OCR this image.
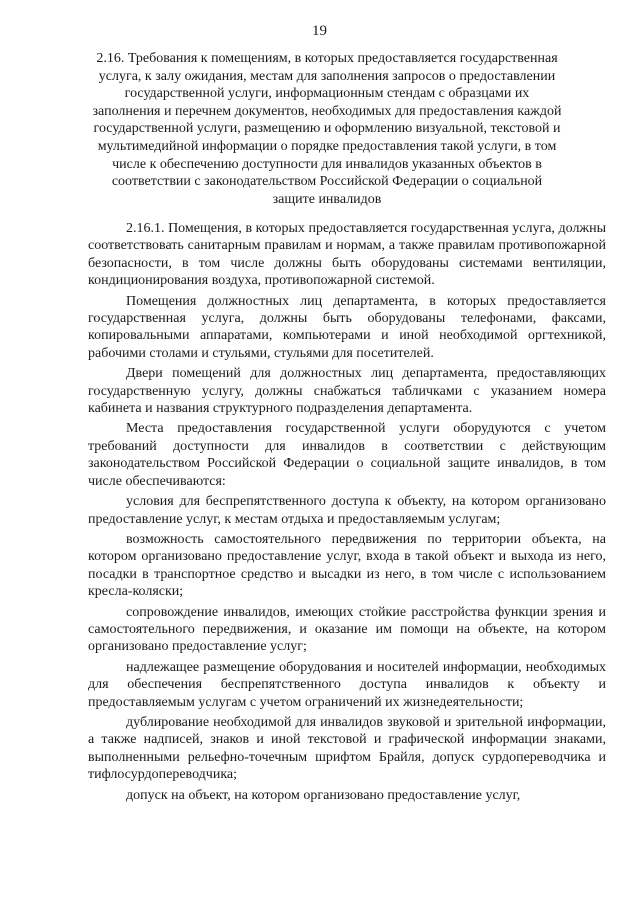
19
2.16. Требования к помещениям, в которых предоставляется государственная услуга, к залу ожидания, местам для заполнения запросов о предоставлении государственной услуги, информационным стендам с образцами их заполнения и перечнем документов, необходимых для предоставления каждой государственной услуги, размещению и оформлению визуальной, текстовой и мультимедийной информации о порядке предоставления такой услуги, в том числе к обеспечению доступности для инвалидов указанных объектов в соответствии с законодательством Российской Федерации о социальной защите инвалидов

2.16.1. Помещения, в которых предоставляется государственная услуга, должны соответствовать санитарным правилам и нормам, а также правилам противопожарной безопасности, в том числе должны быть оборудованы системами вентиляции, кондиционирования воздуха, противопожарной системой.

Помещения должностных лиц департамента, в которых предоставляется государственная услуга, должны быть оборудованы телефонами, факсами, копировальными аппаратами, компьютерами и иной необходимой оргтехникой, рабочими столами и стульями, стульями для посетителей.

Двери помещений для должностных лиц департамента, предоставляющих государственную услугу, должны снабжаться табличками с указанием номера кабинета и названия структурного подразделения департамента.

Места предоставления государственной услуги оборудуются с учетом требований доступности для инвалидов в соответствии с действующим законодательством Российской Федерации о социальной защите инвалидов, в том числе обеспечиваются:

условия для беспрепятственного доступа к объекту, на котором организовано предоставление услуг, к местам отдыха и предоставляемым услугам;

возможность самостоятельного передвижения по территории объекта, на котором организовано предоставление услуг, входа в такой объект и выхода из него, посадки в транспортное средство и высадки из него, в том числе с использованием кресла-коляски;

сопровождение инвалидов, имеющих стойкие расстройства функции зрения и самостоятельного передвижения, и оказание им помощи на объекте, на котором организовано предоставление услуг;

надлежащее размещение оборудования и носителей информации, необходимых для обеспечения беспрепятственного доступа инвалидов к объекту и предоставляемым услугам с учетом ограничений их жизнедеятельности;

дублирование необходимой для инвалидов звуковой и зрительной информации, а также надписей, знаков и иной текстовой и графической информации знаками, выполненными рельефно-точечным шрифтом Брайля, допуск сурдопереводчика и тифлосурдопереводчика;

допуск на объект, на котором организовано предоставление услуг,
